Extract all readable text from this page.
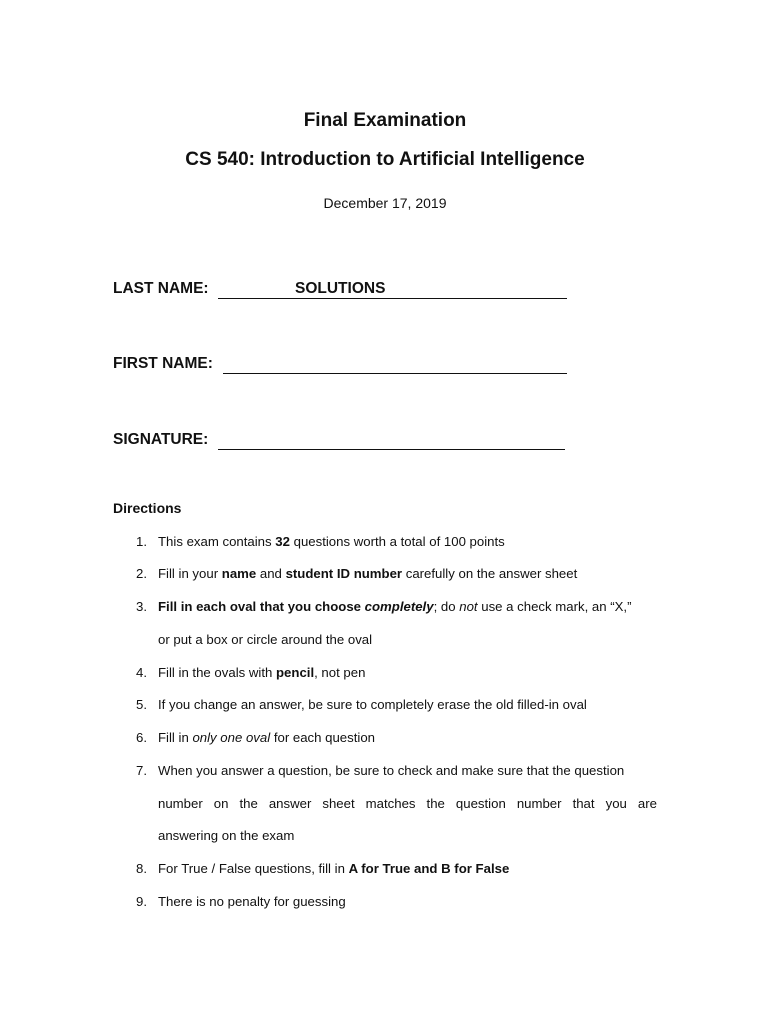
Final Examination
CS 540: Introduction to Artificial Intelligence
December 17, 2019
LAST NAME:	SOLUTIONS
FIRST NAME:
SIGNATURE:
Directions
1. This exam contains 32 questions worth a total of 100 points
2. Fill in your name and student ID number carefully on the answer sheet
3. Fill in each oval that you choose completely; do not use a check mark, an “X,”
or put a box or circle around the oval
4. Fill in the ovals with pencil, not pen
5. If you change an answer, be sure to completely erase the old filled-in oval
6. Fill in only one oval for each question
7. When you answer a question, be sure to check and make sure that the question
number on the answer sheet matches the question number that you are
answering on the exam
8. For True / False questions, fill in A for True and B for False
9. There is no penalty for guessing
